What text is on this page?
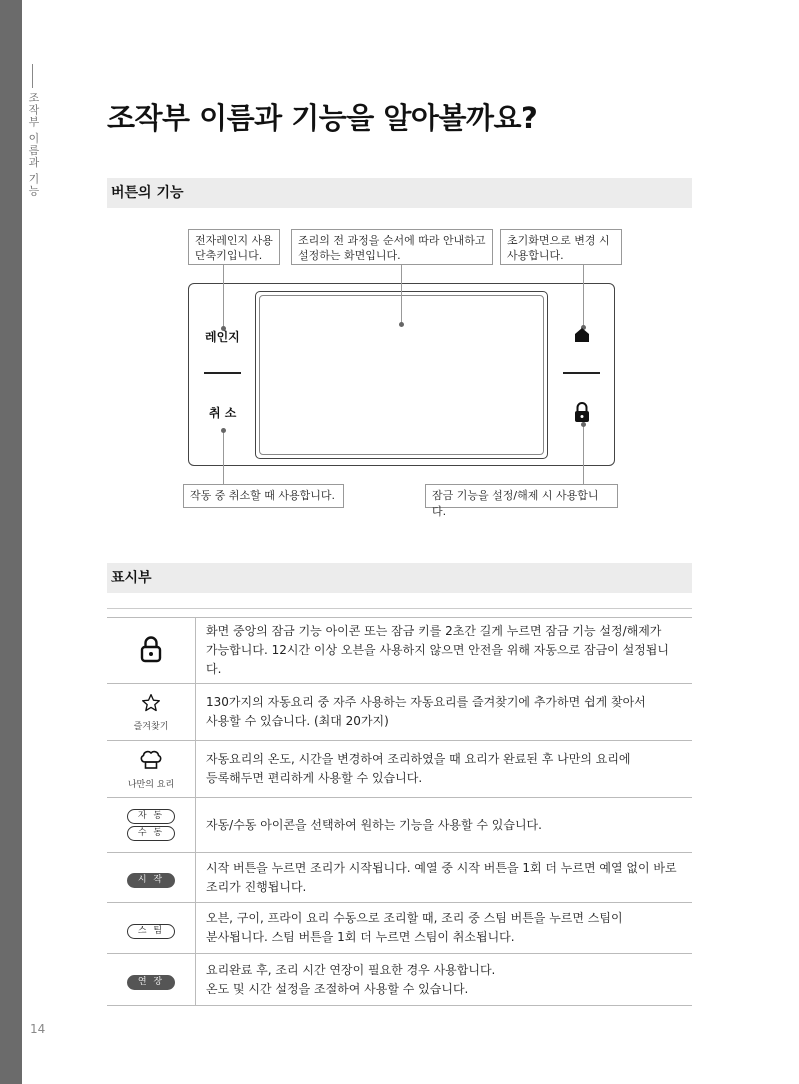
조작부 이름과 기능
14
조작부 이름과 기능을 알아볼까요?
버튼의 기능
전자레인지 사용
단축키입니다.
조리의 전 과정을 순서에 따라 안내하고
설정하는 화면입니다.
초기화면으로 변경 시
사용합니다.
레인지
취 소
작동 중 취소할 때 사용합니다.	잠금 기능을 설정/해제 시 사용합니다.
표시부

화면 중앙의 잠금 기능 아이콘 또는 잠금 키를 2초간 길게 누르면 잠금 기능 설정/해제가
가능합니다. 12시간 이상 오븐을 사용하지 않으면 안전을 위해 자동으로 잠금이 설정됩니다.

즐겨찾기	130가지의 자동요리 중 자주 사용하는 자동요리를 즐겨찾기에 추가하면 쉽게 찾아서
사용할 수 있습니다. (최대 20가지)

나만의 요리	자동요리의 온도, 시간을 변경하여 조리하였을 때 요리가 완료된 후 나만의 요리에
등록해두면 편리하게 사용할 수 있습니다.

자 동
수 동	자동/수동 아이콘을 선택하여 원하는 기능을 사용할 수 있습니다.

시 작	시작 버튼을 누르면 조리가 시작됩니다. 예열 중 시작 버튼을 1회 더 누르면 예열 없이 바로
조리가 진행됩니다.

스 팀	오븐, 구이, 프라이 요리 수동으로 조리할 때, 조리 중 스팀 버튼을 누르면 스팀이
분사됩니다. 스팀 버튼을 1회 더 누르면 스팀이 취소됩니다.

연 장	요리완료 후, 조리 시간 연장이 필요한 경우 사용합니다.
온도 및 시간 설정을 조절하여 사용할 수 있습니다.
